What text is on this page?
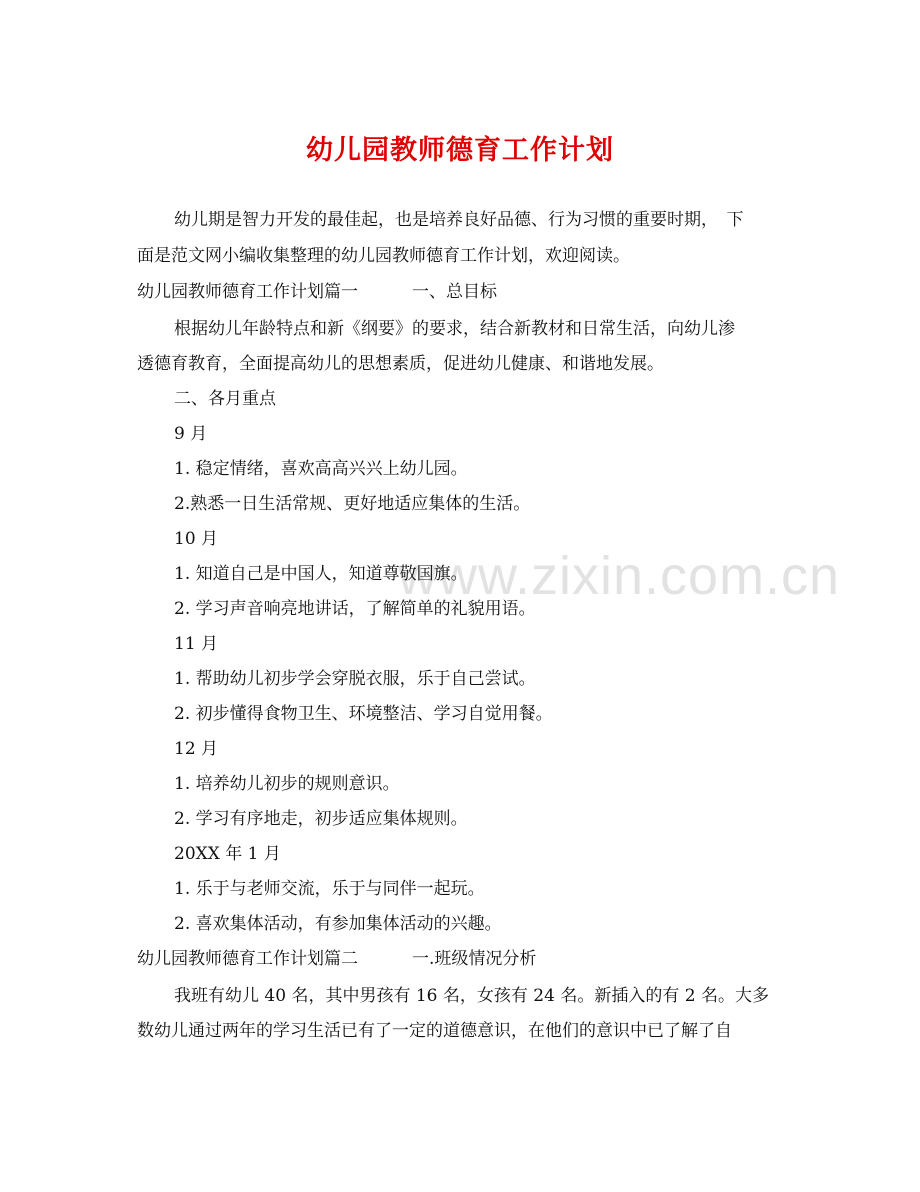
幼儿园教师德育工作计划
www.zixin.com.cn
幼儿期是智力开发的最佳起，也是培养良好品德、行为习惯的重要时期，　下
面是范文网小编收集整理的幼儿园教师德育工作计划，欢迎阅读。
幼儿园教师德育工作计划篇一	一、总目标
根据幼儿年龄特点和新《纲要》的要求，结合新教材和日常生活，向幼儿渗
透德育教育，全面提高幼儿的思想素质，促进幼儿健康、和谐地发展。
二、各月重点
9 月
1. 稳定情绪，喜欢高高兴兴上幼儿园。
2.熟悉一日生活常规、更好地适应集体的生活。
10 月
1. 知道自己是中国人，知道尊敬国旗。
2. 学习声音响亮地讲话，了解简单的礼貌用语。
11 月
1. 帮助幼儿初步学会穿脱衣服，乐于自己尝试。
2. 初步懂得食物卫生、环境整洁、学习自觉用餐。
12 月
1. 培养幼儿初步的规则意识。
2. 学习有序地走，初步适应集体规则。
20XX 年 1 月
1. 乐于与老师交流，乐于与同伴一起玩。
2. 喜欢集体活动，有参加集体活动的兴趣。
幼儿园教师德育工作计划篇二	一.班级情况分析
我班有幼儿 40 名，其中男孩有 16 名，女孩有 24 名。新插入的有 2 名。大多
数幼儿通过两年的学习生活已有了一定的道德意识，在他们的意识中已了解了自
